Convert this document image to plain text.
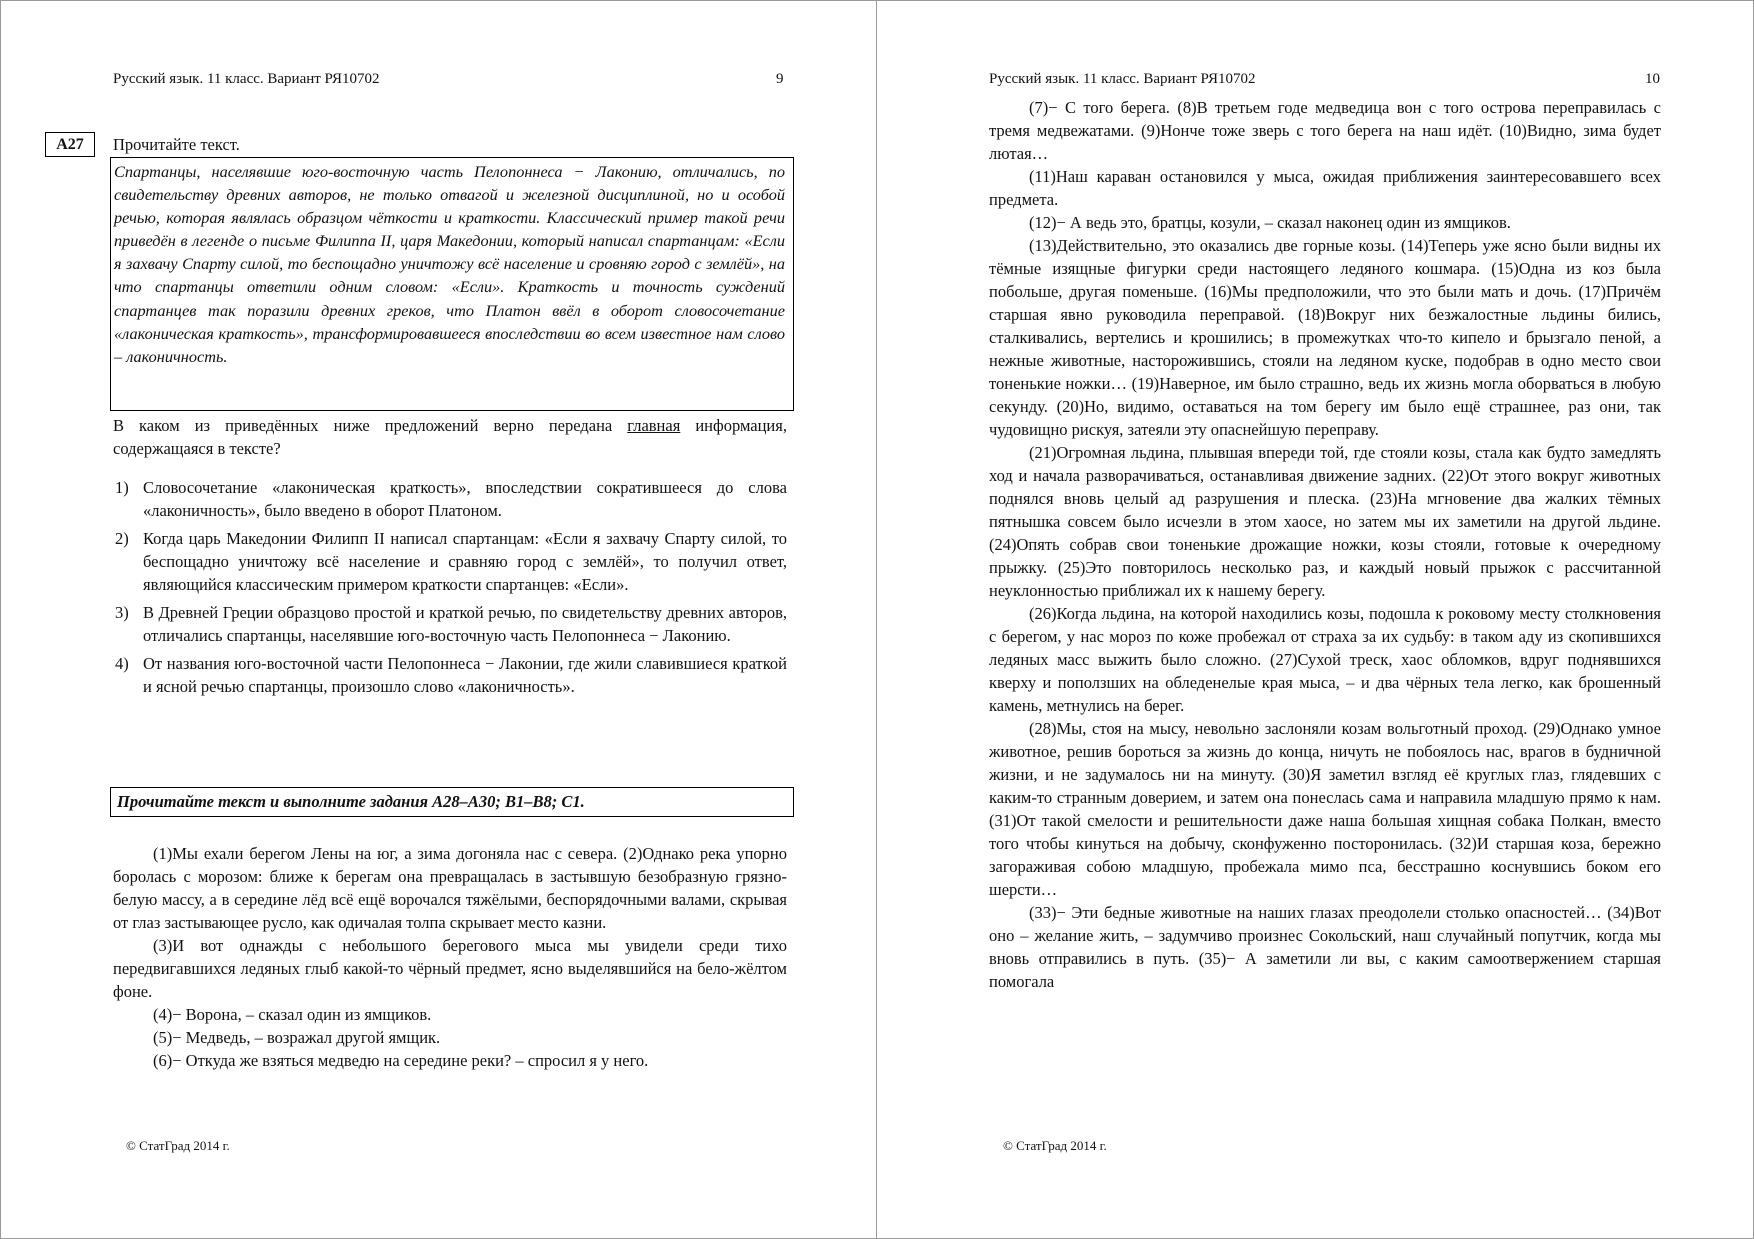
Русский язык. 11 класс. Вариант РЯ10702	9
А27	Прочитайте текст.
Спартанцы, населявшие юго-восточную часть Пелопоннеса − Лаконию, отличались, по свидетельству древних авторов, не только отвагой и железной дисциплиной, но и особой речью, которая являлась образцом чёткости и краткости. Классический пример такой речи приведён в легенде о письме Филиппа II, царя Македонии, который написал спартанцам: «Если я захвачу Спарту силой, то беспощадно уничтожу всё население и сровняю город с землёй», на что спартанцы ответили одним словом: «Если». Краткость и точность суждений спартанцев так поразили древних греков, что Платон ввёл в оборот словосочетание «лаконическая краткость», трансформировавшееся впоследствии во всем известное нам слово – лаконичность.

В каком из приведённых ниже предложений верно передана главная информация, содержащаяся в тексте?

1) Словосочетание «лаконическая краткость», впоследствии сократившееся до слова «лаконичность», было введено в оборот Платоном.
2) Когда царь Македонии Филипп II написал спартанцам: «Если я захвачу Спарту силой, то беспощадно уничтожу всё население и сравняю город с землёй», то получил ответ, являющийся классическим примером краткости спартанцев: «Если».
3) В Древней Греции образцово простой и краткой речью, по свидетельству древних авторов, отличались спартанцы, населявшие юго-восточную часть Пелопоннеса − Лаконию.
4) От названия юго-восточной части Пелопоннеса − Лаконии, где жили славившиеся краткой и ясной речью спартанцы, произошло слово «лаконичность».
Прочитайте текст и выполните задания А28–А30; В1–В8; С1.

(1)Мы ехали берегом Лены на юг, а зима догоняла нас с севера. (2)Однако река упорно боролась с морозом: ближе к берегам она превращалась в застывшую безобразную грязно-белую массу, а в середине лёд всё ещё ворочался тяжёлыми, беспорядочными валами, скрывая от глаз застывающее русло, как одичалая толпа скрывает место казни.

(3)И вот однажды с небольшого берегового мыса мы увидели среди тихо передвигавшихся ледяных глыб какой-то чёрный предмет, ясно выделявшийся на бело-жёлтом фоне.

(4)− Ворона, – сказал один из ямщиков.

(5)− Медведь, – возражал другой ямщик.

(6)− Откуда же взяться медведю на середине реки? – спросил я у него.

© СтатГрад 2014 г.
Русский язык. 11 класс. Вариант РЯ10702	10

(7)− С того берега. (8)В третьем годе медведица вон с того острова переправилась с тремя медвежатами. (9)Нонче тоже зверь с того берега на наш идёт. (10)Видно, зима будет лютая…

(11)Наш караван остановился у мыса, ожидая приближения заинтересовавшего всех предмета.

(12)− А ведь это, братцы, козули, – сказал наконец один из ямщиков.

(13)Действительно, это оказались две горные козы. (14)Теперь уже ясно были видны их тёмные изящные фигурки среди настоящего ледяного кошмара. (15)Одна из коз была побольше, другая поменьше. (16)Мы предположили, что это были мать и дочь. (17)Причём старшая явно руководила переправой. (18)Вокруг них безжалостные льдины бились, сталкивались, вертелись и крошились; в промежутках что-то кипело и брызгало пеной, а нежные животные, насторожившись, стояли на ледяном куске, подобрав в одно место свои тоненькие ножки… (19)Наверное, им было страшно, ведь их жизнь могла оборваться в любую секунду. (20)Но, видимо, оставаться на том берегу им было ещё страшнее, раз они, так чудовищно рискуя, затеяли эту опаснейшую переправу.

(21)Огромная льдина, плывшая впереди той, где стояли козы, стала как будто замедлять ход и начала разворачиваться, останавливая движение задних. (22)От этого вокруг животных поднялся вновь целый ад разрушения и плеска. (23)На мгновение два жалких тёмных пятнышка совсем было исчезли в этом хаосе, но затем мы их заметили на другой льдине. (24)Опять собрав свои тоненькие дрожащие ножки, козы стояли, готовые к очередному прыжку. (25)Это повторилось несколько раз, и каждый новый прыжок с рассчитанной неуклонностью приближал их к нашему берегу.

(26)Когда льдина, на которой находились козы, подошла к роковому месту столкновения с берегом, у нас мороз по коже пробежал от страха за их судьбу: в таком аду из скопившихся ледяных масс выжить было сложно. (27)Сухой треск, хаос обломков, вдруг поднявшихся кверху и поползших на обледенелые края мыса, – и два чёрных тела легко, как брошенный камень, метнулись на берег.

(28)Мы, стоя на мысу, невольно заслоняли козам вольготный проход. (29)Однако умное животное, решив бороться за жизнь до конца, ничуть не побоялось нас, врагов в будничной жизни, и не задумалось ни на минуту. (30)Я заметил взгляд её круглых глаз, глядевших с каким-то странным доверием, и затем она понеслась сама и направила младшую прямо к нам. (31)От такой смелости и решительности даже наша большая хищная собака Полкан, вместо того чтобы кинуться на добычу, сконфуженно посторонилась. (32)И старшая коза, бережно загораживая собою младшую, пробежала мимо пса, бесстрашно коснувшись боком его шерсти…

(33)− Эти бедные животные на наших глазах преодолели столько опасностей… (34)Вот оно – желание жить, – задумчиво произнес Сокольский, наш случайный попутчик, когда мы вновь отправились в путь. (35)− А заметили ли вы, с каким самоотвержением старшая помогала

© СтатГрад 2014 г.
